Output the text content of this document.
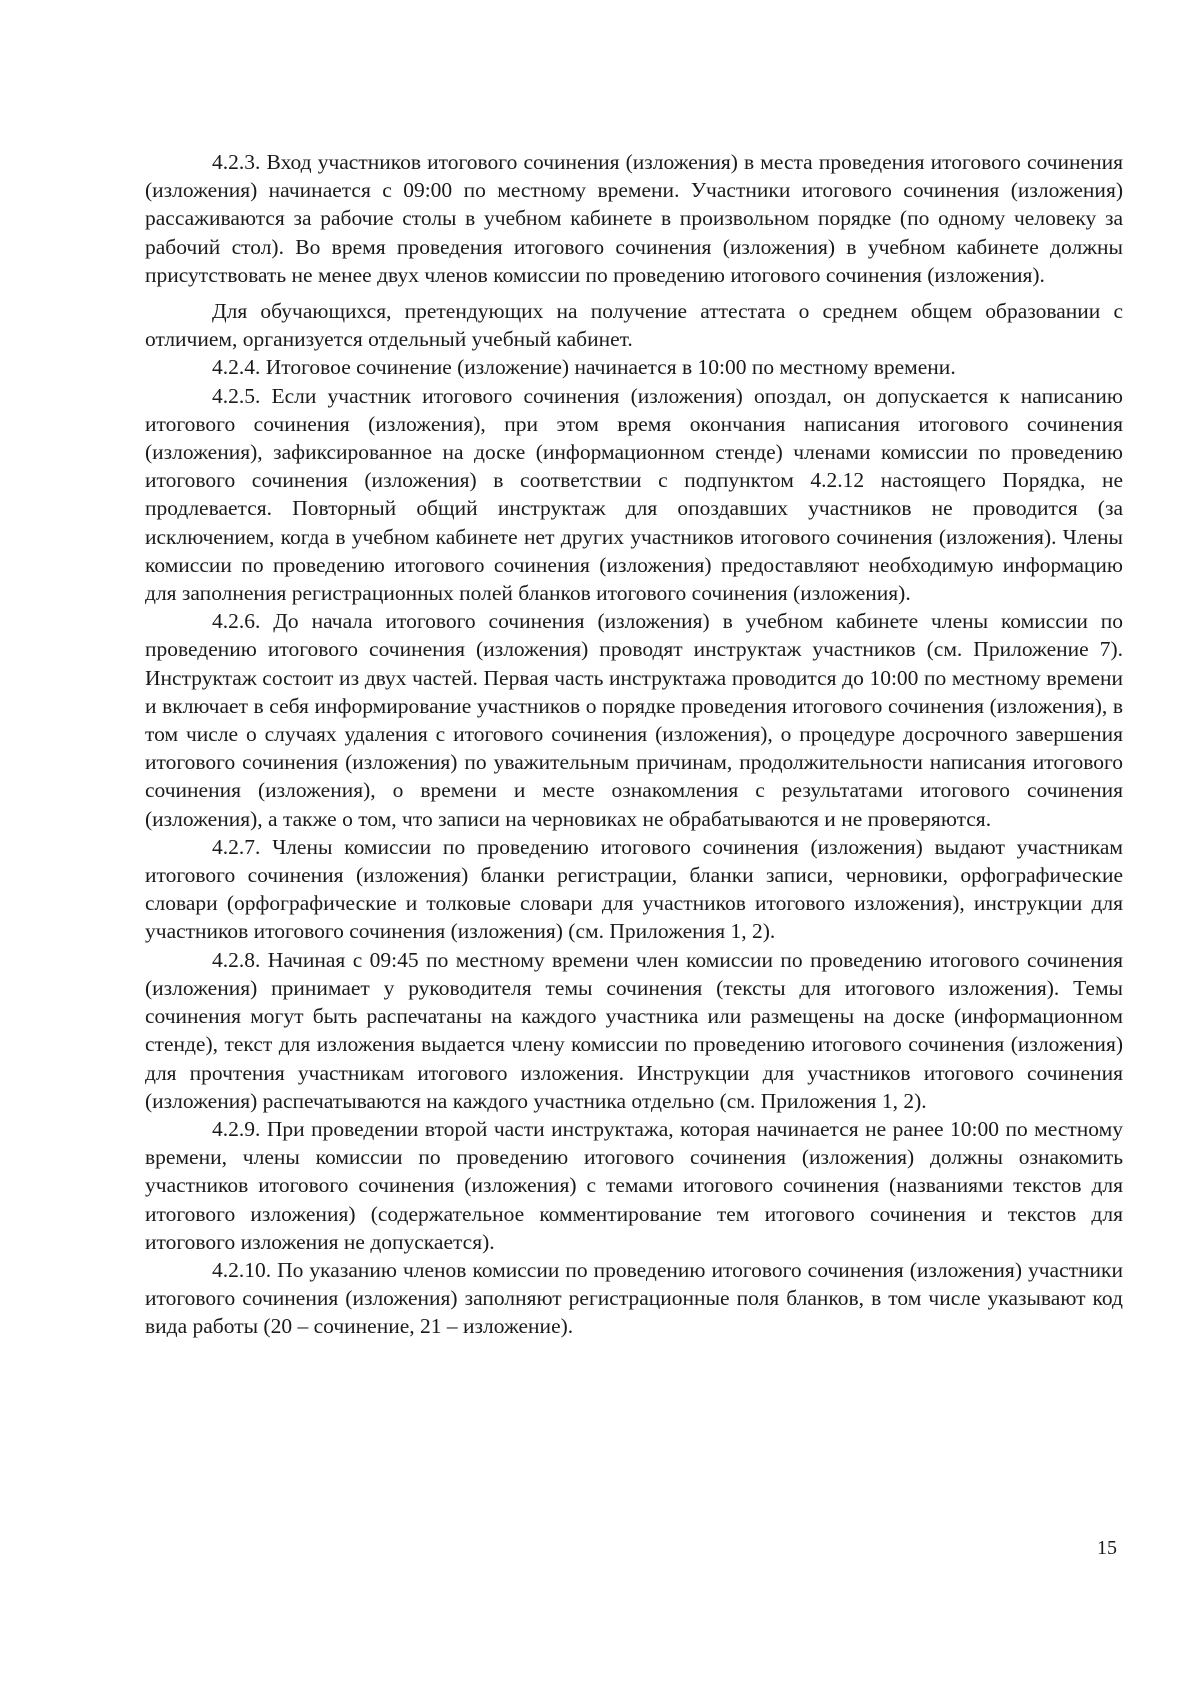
4.2.3. Вход участников итогового сочинения (изложения) в места проведения итогового сочинения (изложения) начинается с 09:00 по местному времени. Участники итогового сочинения (изложения) рассаживаются за рабочие столы в учебном кабинете в произвольном порядке (по одному человеку за рабочий стол). Во время проведения итогового сочинения (изложения) в учебном кабинете должны присутствовать не менее двух членов комиссии по проведению итогового сочинения (изложения).

Для обучающихся, претендующих на получение аттестата о среднем общем образовании с отличием, организуется отдельный учебный кабинет.

4.2.4. Итоговое сочинение (изложение) начинается в 10:00 по местному времени.

4.2.5. Если участник итогового сочинения (изложения) опоздал, он допускается к написанию итогового сочинения (изложения), при этом время окончания написания итогового сочинения (изложения), зафиксированное на доске (информационном стенде) членами комиссии по проведению итогового сочинения (изложения) в соответствии с подпунктом 4.2.12 настоящего Порядка, не продлевается. Повторный общий инструктаж для опоздавших участников не проводится (за исключением, когда в учебном кабинете нет других участников итогового сочинения (изложения). Члены комиссии по проведению итогового сочинения (изложения) предоставляют необходимую информацию для заполнения регистрационных полей бланков итогового сочинения (изложения).

4.2.6. До начала итогового сочинения (изложения) в учебном кабинете члены комиссии по проведению итогового сочинения (изложения) проводят инструктаж участников (см. Приложение 7). Инструктаж состоит из двух частей. Первая часть инструктажа проводится до 10:00 по местному времени и включает в себя информирование участников о порядке проведения итогового сочинения (изложения), в том числе о случаях удаления с итогового сочинения (изложения), о процедуре досрочного завершения итогового сочинения (изложения) по уважительным причинам, продолжительности написания итогового сочинения (изложения), о времени и месте ознакомления с результатами итогового сочинения (изложения), а также о том, что записи на черновиках не обрабатываются и не проверяются.

4.2.7. Члены комиссии по проведению итогового сочинения (изложения) выдают участникам итогового сочинения (изложения) бланки регистрации, бланки записи, черновики, орфографические словари (орфографические и толковые словари для участников итогового изложения), инструкции для участников итогового сочинения (изложения) (см. Приложения 1, 2).

4.2.8. Начиная с 09:45 по местному времени член комиссии по проведению итогового сочинения (изложения) принимает у руководителя темы сочинения (тексты для итогового изложения). Темы сочинения могут быть распечатаны на каждого участника или размещены на доске (информационном стенде), текст для изложения выдается члену комиссии по проведению итогового сочинения (изложения) для прочтения участникам итогового изложения. Инструкции для участников итогового сочинения (изложения) распечатываются на каждого участника отдельно (см. Приложения 1, 2).

4.2.9. При проведении второй части инструктажа, которая начинается не ранее 10:00 по местному времени, члены комиссии по проведению итогового сочинения (изложения) должны ознакомить участников итогового сочинения (изложения) с темами итогового сочинения (названиями текстов для итогового изложения) (содержательное комментирование тем итогового сочинения и текстов для итогового изложения не допускается).

4.2.10. По указанию членов комиссии по проведению итогового сочинения (изложения) участники итогового сочинения (изложения) заполняют регистрационные поля бланков, в том числе указывают код вида работы (20 – сочинение, 21 – изложение).

15
